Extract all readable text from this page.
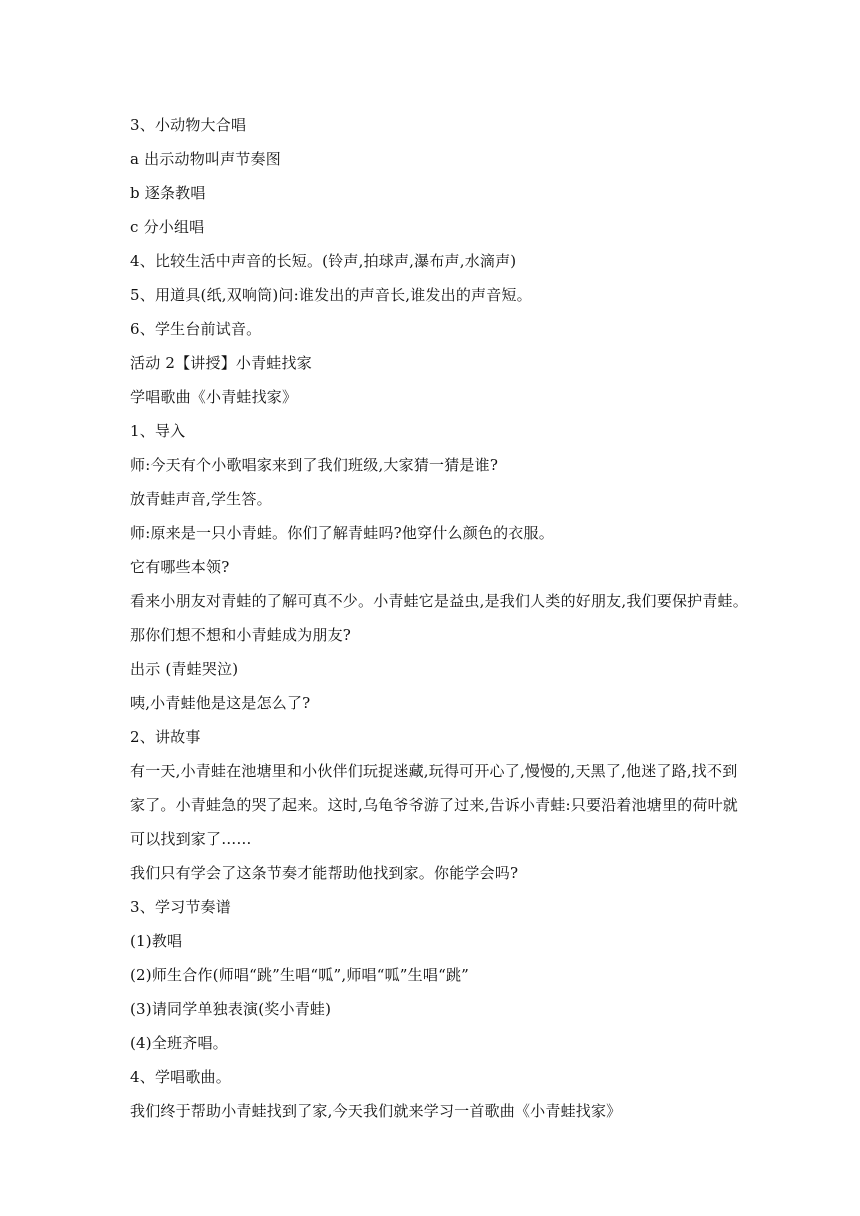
3、小动物大合唱
a 出示动物叫声节奏图
b 逐条教唱
c 分小组唱
4、比较生活中声音的长短。(铃声,拍球声,瀑布声,水滴声)
5、用道具(纸,双响筒)问:谁发出的声音长,谁发出的声音短。
6、学生台前试音。
活动 2【讲授】小青蛙找家
学唱歌曲《小青蛙找家》
1、导入
师:今天有个小歌唱家来到了我们班级,大家猜一猜是谁?
放青蛙声音,学生答。
师:原来是一只小青蛙。你们了解青蛙吗?他穿什么颜色的衣服。
它有哪些本领?
看来小朋友对青蛙的了解可真不少。小青蛙它是益虫,是我们人类的好朋友,我们要保护青蛙。
那你们想不想和小青蛙成为朋友?
出示 (青蛙哭泣)
咦,小青蛙他是这是怎么了?
2、讲故事
有一天,小青蛙在池塘里和小伙伴们玩捉迷藏,玩得可开心了,慢慢的,天黑了,他迷了路,找不到
家了。小青蛙急的哭了起来。这时,乌龟爷爷游了过来,告诉小青蛙:只要沿着池塘里的荷叶就
可以找到家了……
我们只有学会了这条节奏才能帮助他找到家。你能学会吗?
3、学习节奏谱
(1)教唱
(2)师生合作(师唱“跳”生唱“呱”,师唱“呱”生唱“跳”
(3)请同学单独表演(奖小青蛙)
(4)全班齐唱。
4、学唱歌曲。
我们终于帮助小青蛙找到了家,今天我们就来学习一首歌曲《小青蛙找家》
